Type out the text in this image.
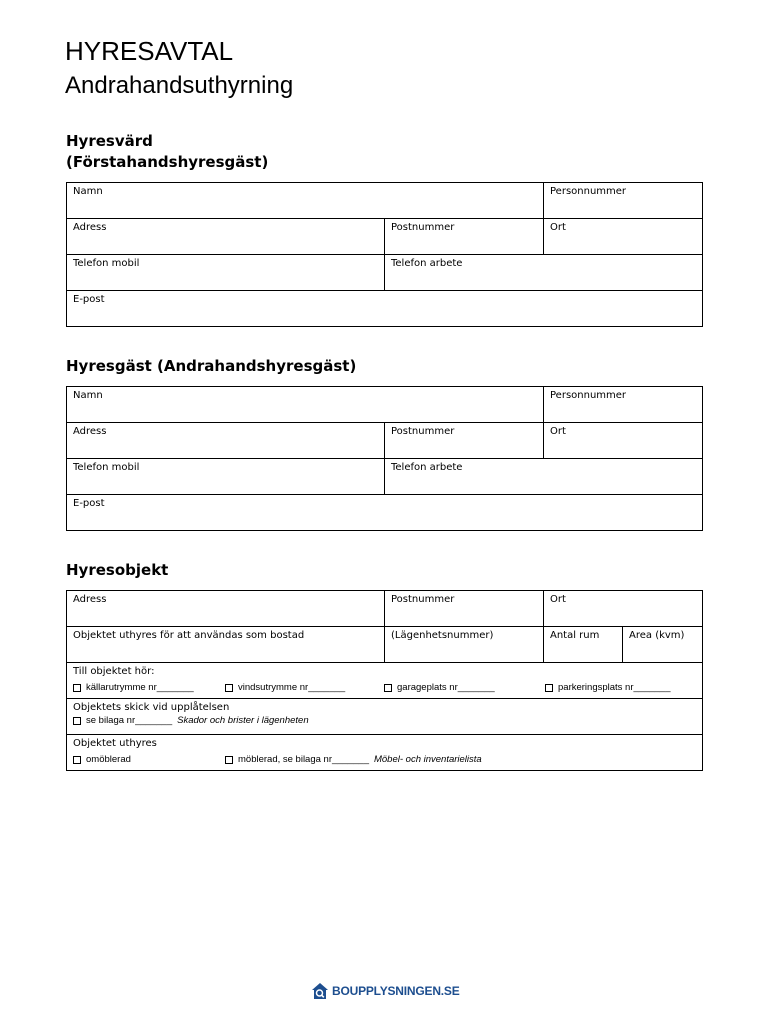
HYRESAVTAL
Andrahandsuthyrning
Hyresvärd
(Förstahandshyresgäst)
Namn		Personnummer
Adress	Postnummer	Ort
Telefon mobil	Telefon arbete	
E-post		
Hyresgäst (Andrahandshyresgäst)
Namn		Personnummer
Adress	Postnummer	Ort
Telefon mobil	Telefon arbete	
E-post		
Hyresobjekt
Adress	Postnummer	Ort	
Objektet uthyres för att användas som bostad	(Lägenhetsnummer)	Antal rum	Area (kvm)

Till objektet hör:
källarutrymme nr_______ vindsutrymme nr_______ garageplats nr_______ parkeringsplats nr_______			

Objektets skick vid upplåtelsen
se bilaga nr_______ Skador och brister i lägenheten			

Objektet uthyres
omöblerad möblerad, se bilaga nr_______ Möbel- och inventarielista			
BOUPPLYSNINGEN.SE
